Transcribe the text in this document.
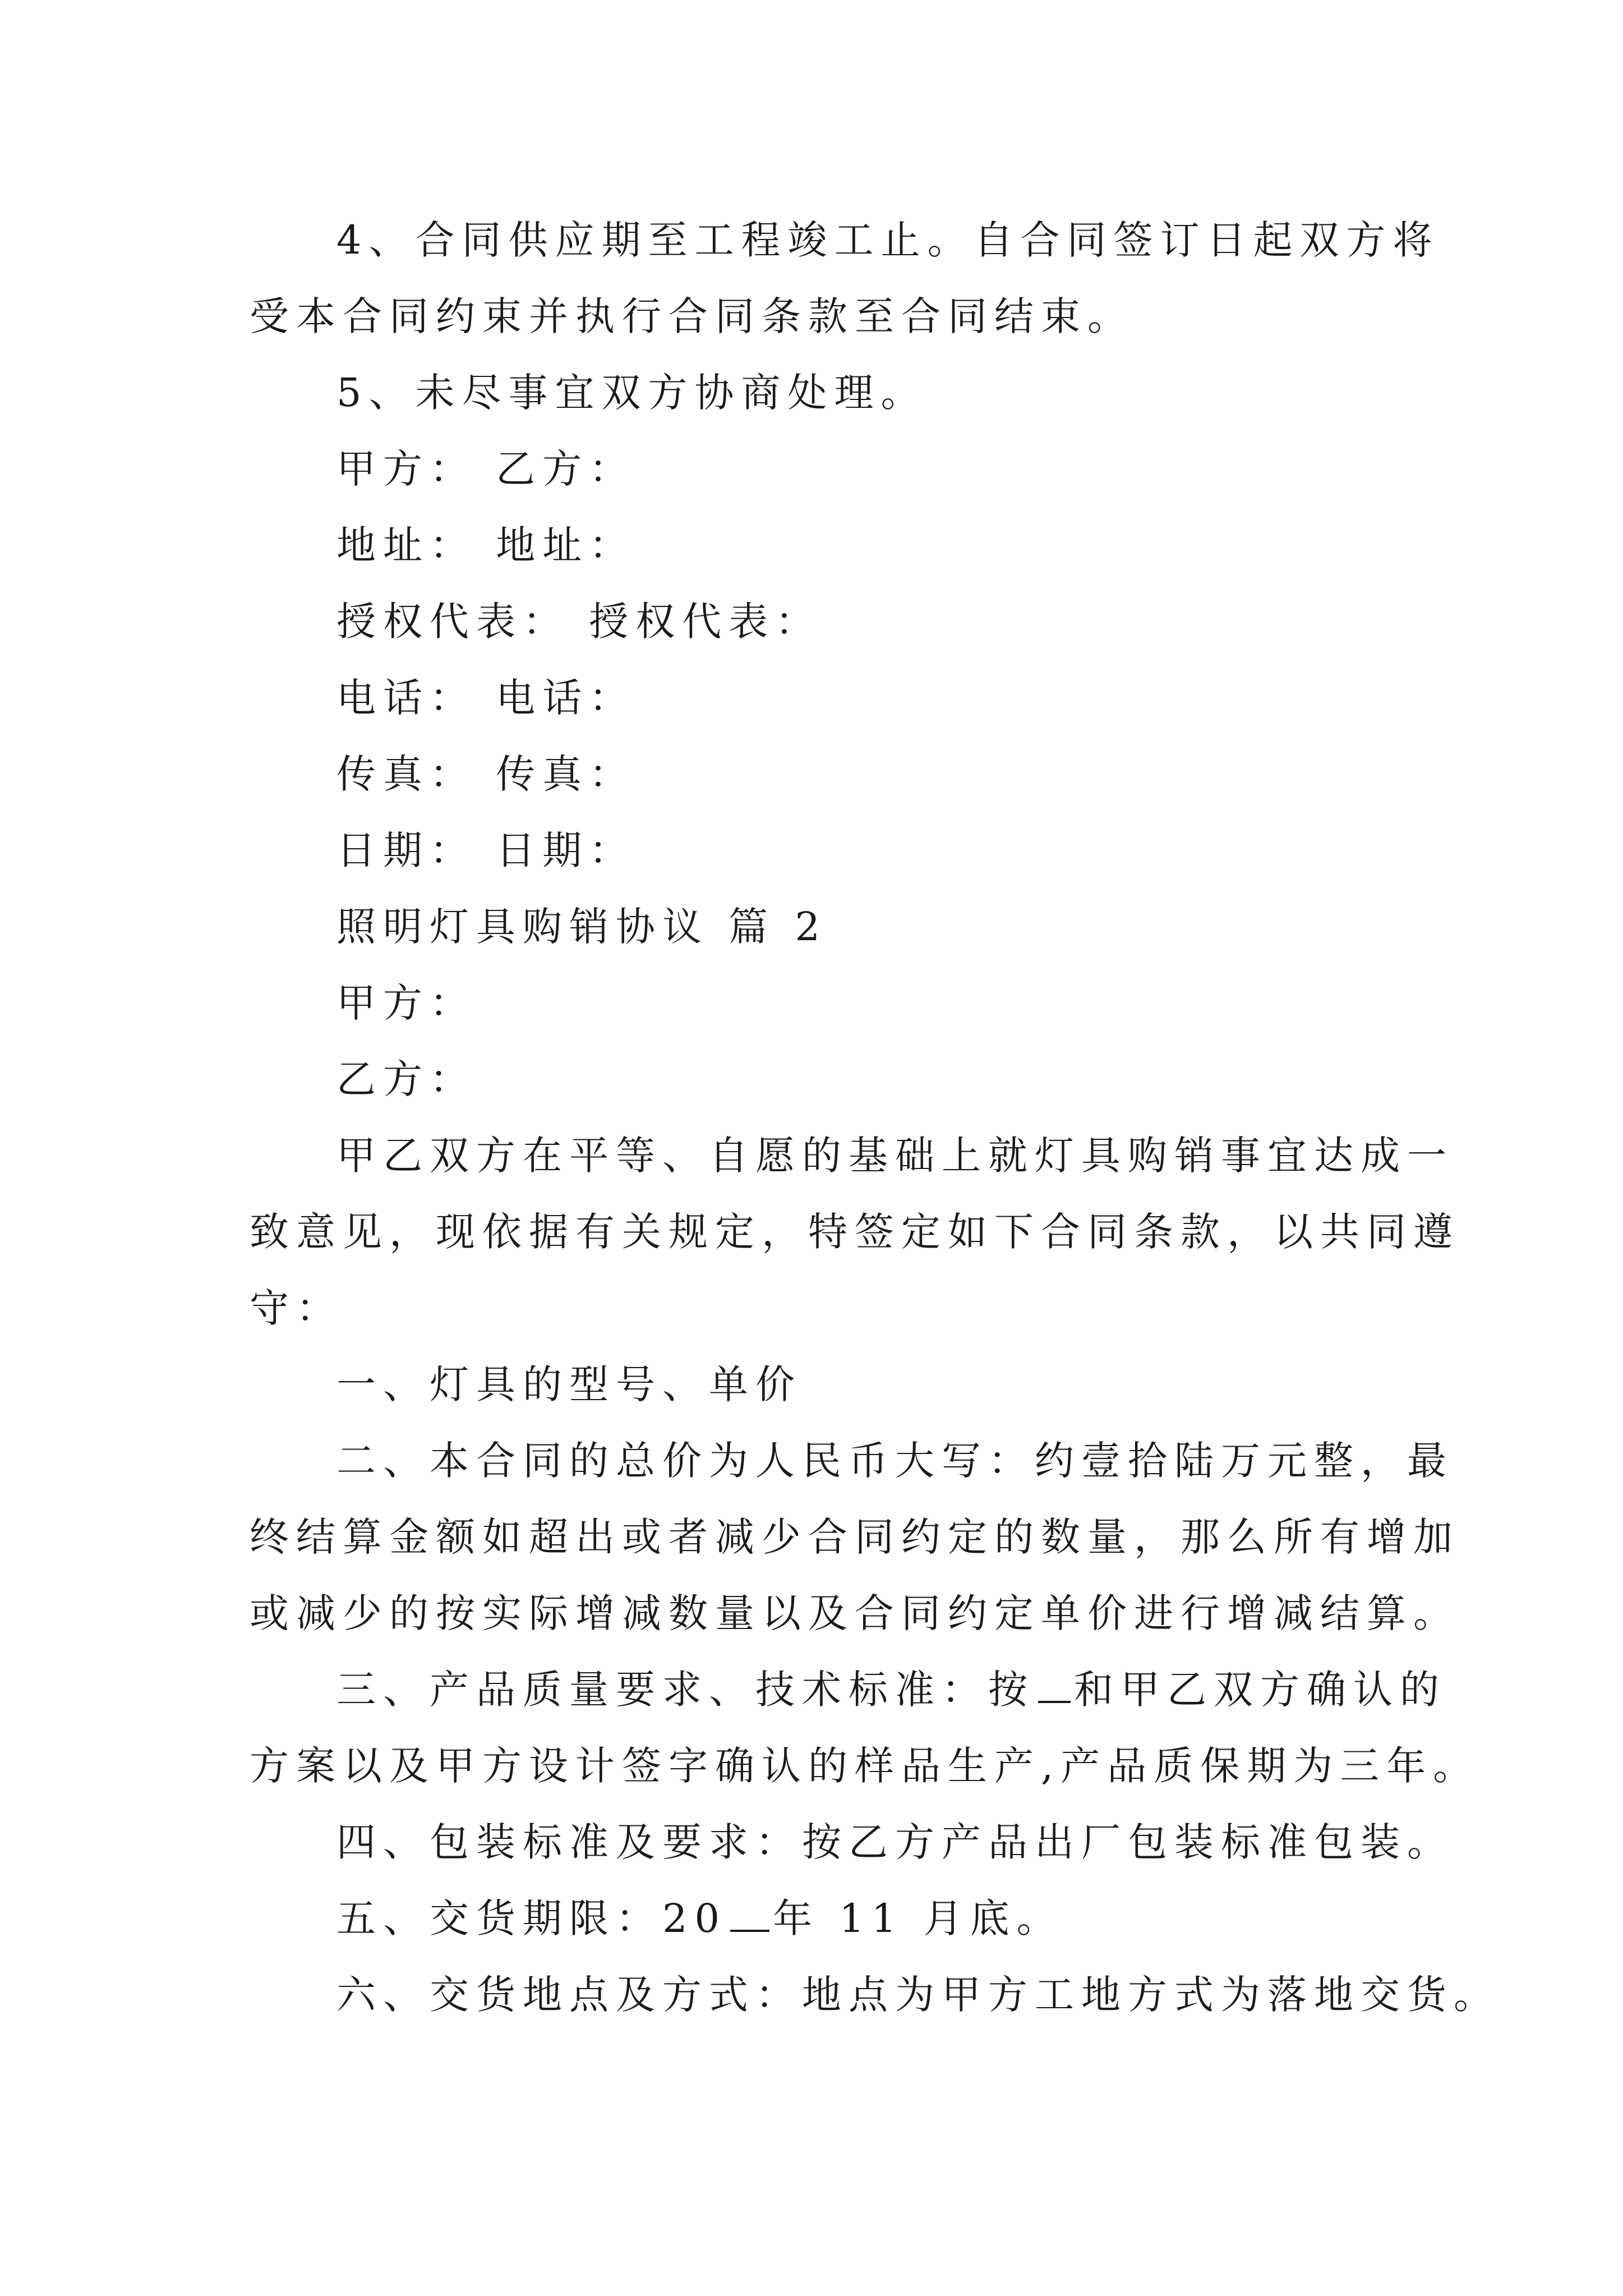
4、合同供应期至工程竣工止。自合同签订日起双方将
受本合同约束并执行合同条款至合同结束。
5、未尽事宜双方协商处理。
甲方： 乙方：
地址： 地址：
授权代表： 授权代表：
电话： 电话：
传真： 传真：
日期： 日期：
照明灯具购销协议 篇 2
甲方：
乙方：
甲乙双方在平等、自愿的基础上就灯具购销事宜达成一
致意见，现依据有关规定，特签定如下合同条款，以共同遵
守：
一、灯具的型号、单价
二、本合同的总价为人民币大写：约壹拾陆万元整，最
终结算金额如超出或者减少合同约定的数量，那么所有增加
或减少的按实际增减数量以及合同约定单价进行增减结算。
三、产品质量要求、技术标准：按 和甲乙双方确认的
方案以及甲方设计签字确认的样品生产,产品质保期为三年。
四、包装标准及要求：按乙方产品出厂包装标准包装。
五、交货期限：20 年 11 月底。
六、交货地点及方式：地点为甲方工地方式为落地交货。
